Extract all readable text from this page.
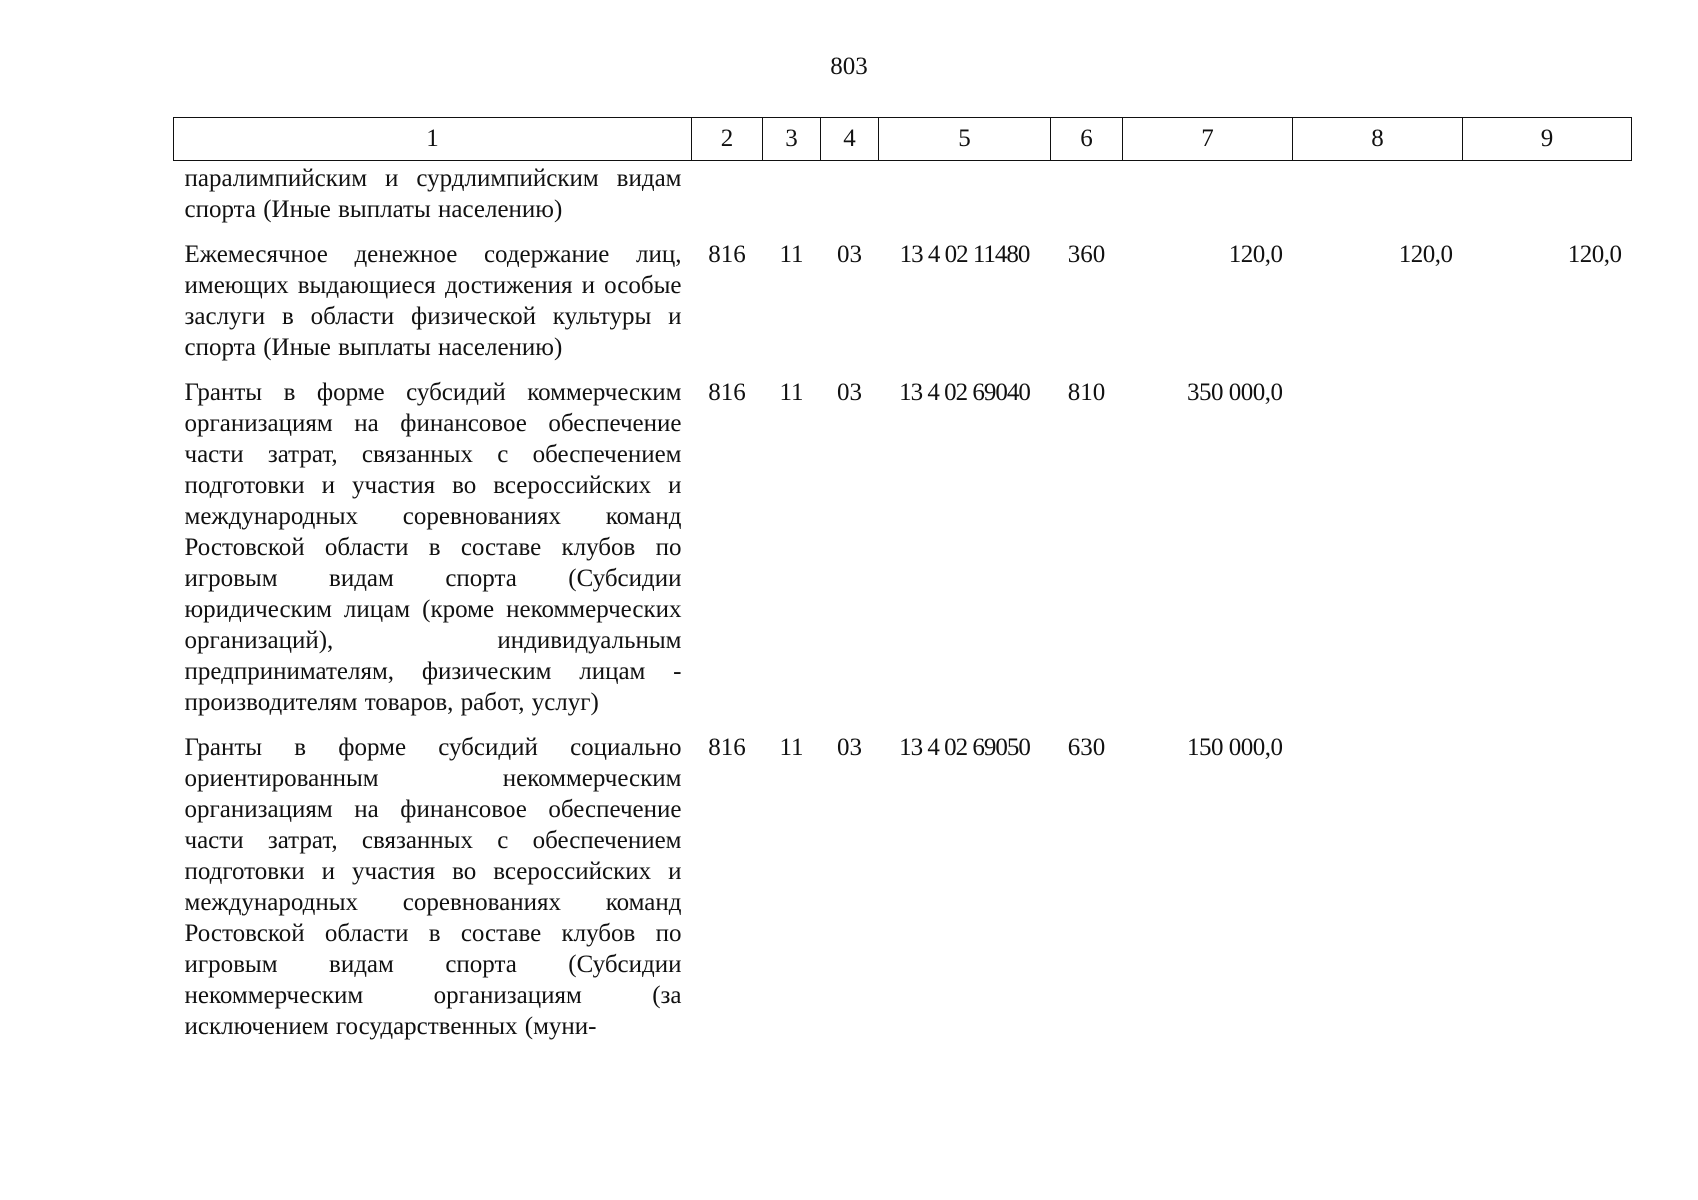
803
1	2	3	4	5	6	7	8	9
паралимпийским и сурдлимпийским видам спорта (Иные выплаты населению)								
Ежемесячное денежное содержание лиц, имеющих выдающиеся достижения и особые заслуги в области физической культуры и спорта (Иные выплаты населению)	816	11	03	13 4 02 11480	360	120,0	120,0	120,0
Гранты в форме субсидий коммерческим организациям на финансовое обеспечение части затрат, связанных с обеспечением подготовки и участия во всероссийских и международных соревнованиях команд Ростовской области в составе клубов по игровым видам спорта (Субсидии юридическим лицам (кроме некоммерческих организаций), индивидуальным предпринимателям, физическим лицам - производителям товаров, работ, услуг)	816	11	03	13 4 02 69040	810	350 000,0		
Гранты в форме субсидий социально ориентированным некоммерческим организациям на финансовое обеспечение части затрат, связанных с обеспечением подготовки и участия во всероссийских и международных соревнованиях команд Ростовской области в составе клубов по игровым видам спорта (Субсидии некоммерческим организациям (за исключением государственных (муни-	816	11	03	13 4 02 69050	630	150 000,0		
